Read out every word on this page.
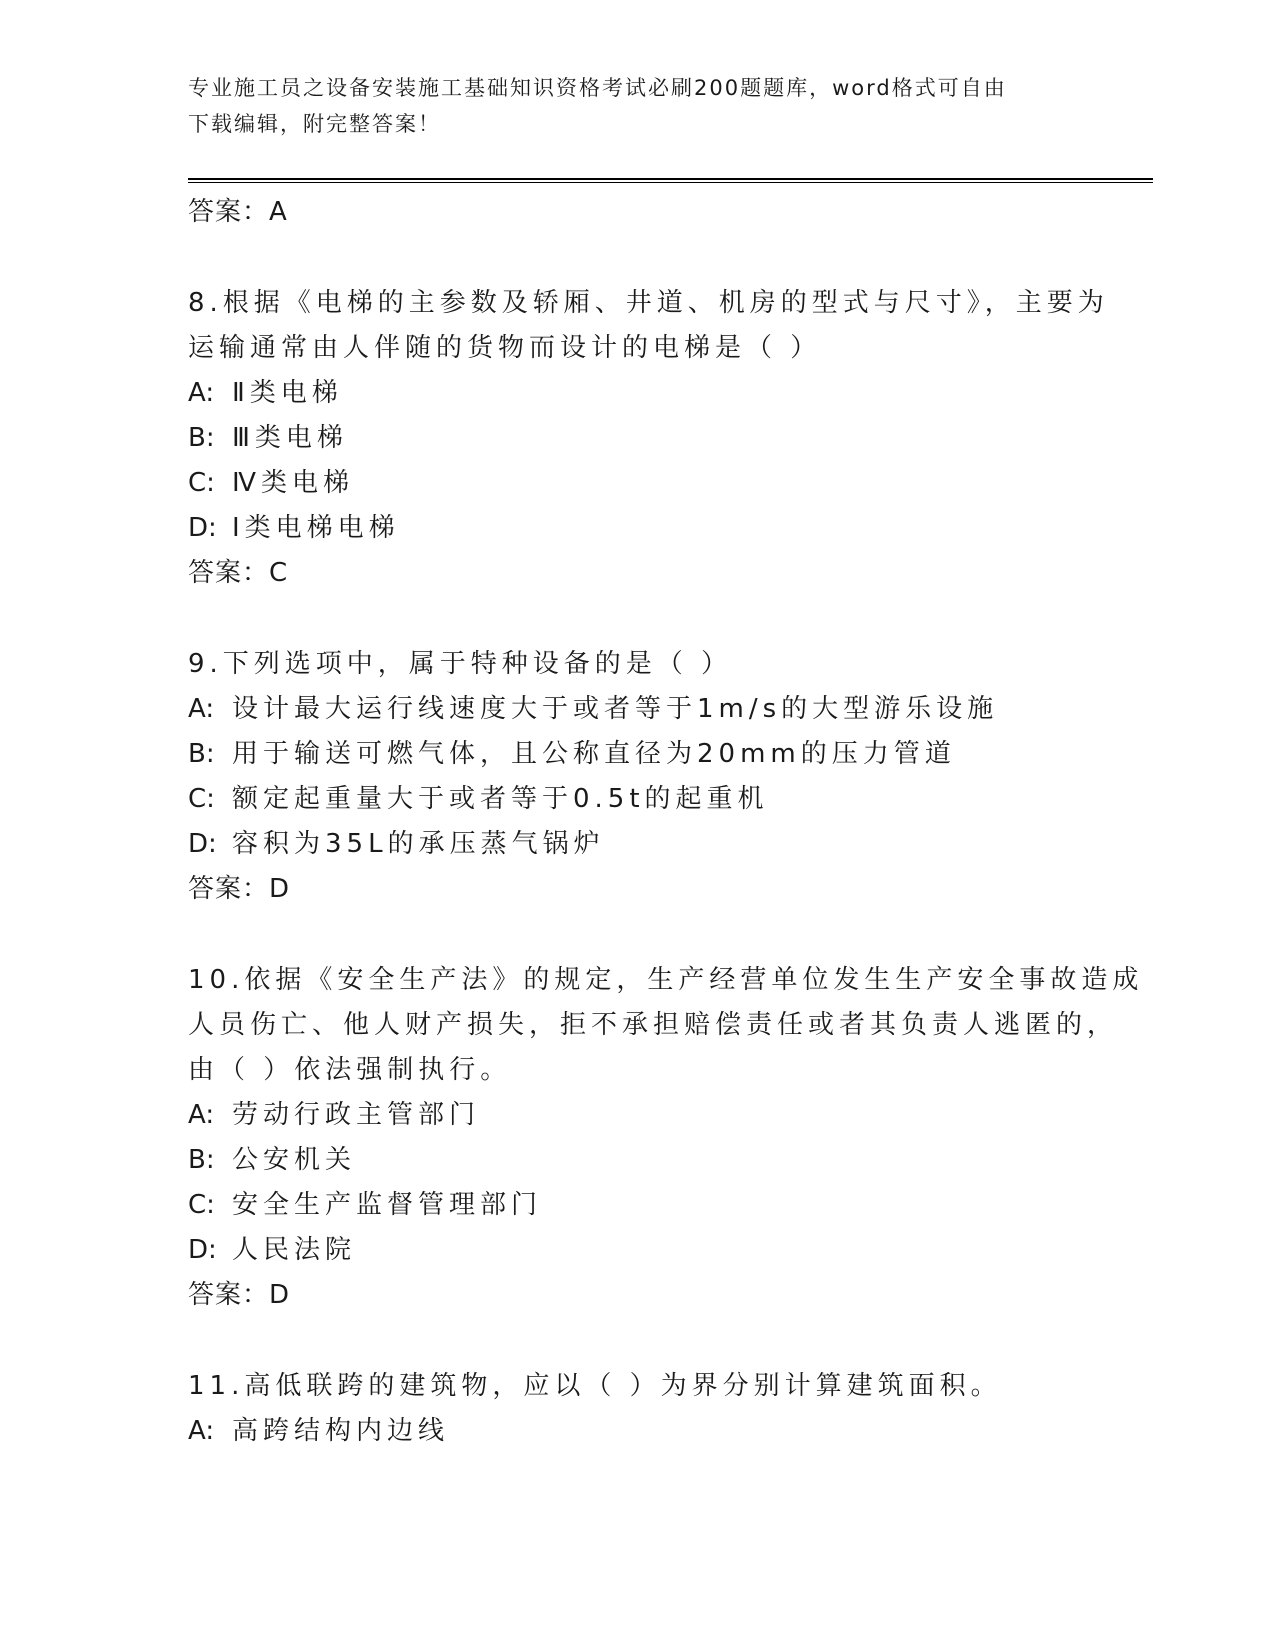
专业施工员之设备安装施工基础知识资格考试必刷200题题库，word格式可自由
下载编辑，附完整答案！
答案：A
8.根据《电梯的主参数及轿厢、井道、机房的型式与尺寸》，主要为
运输通常由人伴随的货物而设计的电梯是（ ）
A: Ⅱ类电梯
B: Ⅲ类电梯
C: Ⅳ类电梯
D: Ⅰ类电梯电梯
答案：C
9.下列选项中，属于特种设备的是（ ）
A: 设计最大运行线速度大于或者等于1m/s的大型游乐设施
B: 用于输送可燃气体，且公称直径为20mm的压力管道
C: 额定起重量大于或者等于0.5t的起重机
D: 容积为35L的承压蒸气锅炉
答案：D
10.依据《安全生产法》的规定，生产经营单位发生生产安全事故造成
人员伤亡、他人财产损失，拒不承担赔偿责任或者其负责人逃匿的，
由（ ）依法强制执行。
A: 劳动行政主管部门
B: 公安机关
C: 安全生产监督管理部门
D: 人民法院
答案：D
11.高低联跨的建筑物，应以（ ）为界分别计算建筑面积。
A: 高跨结构内边线
